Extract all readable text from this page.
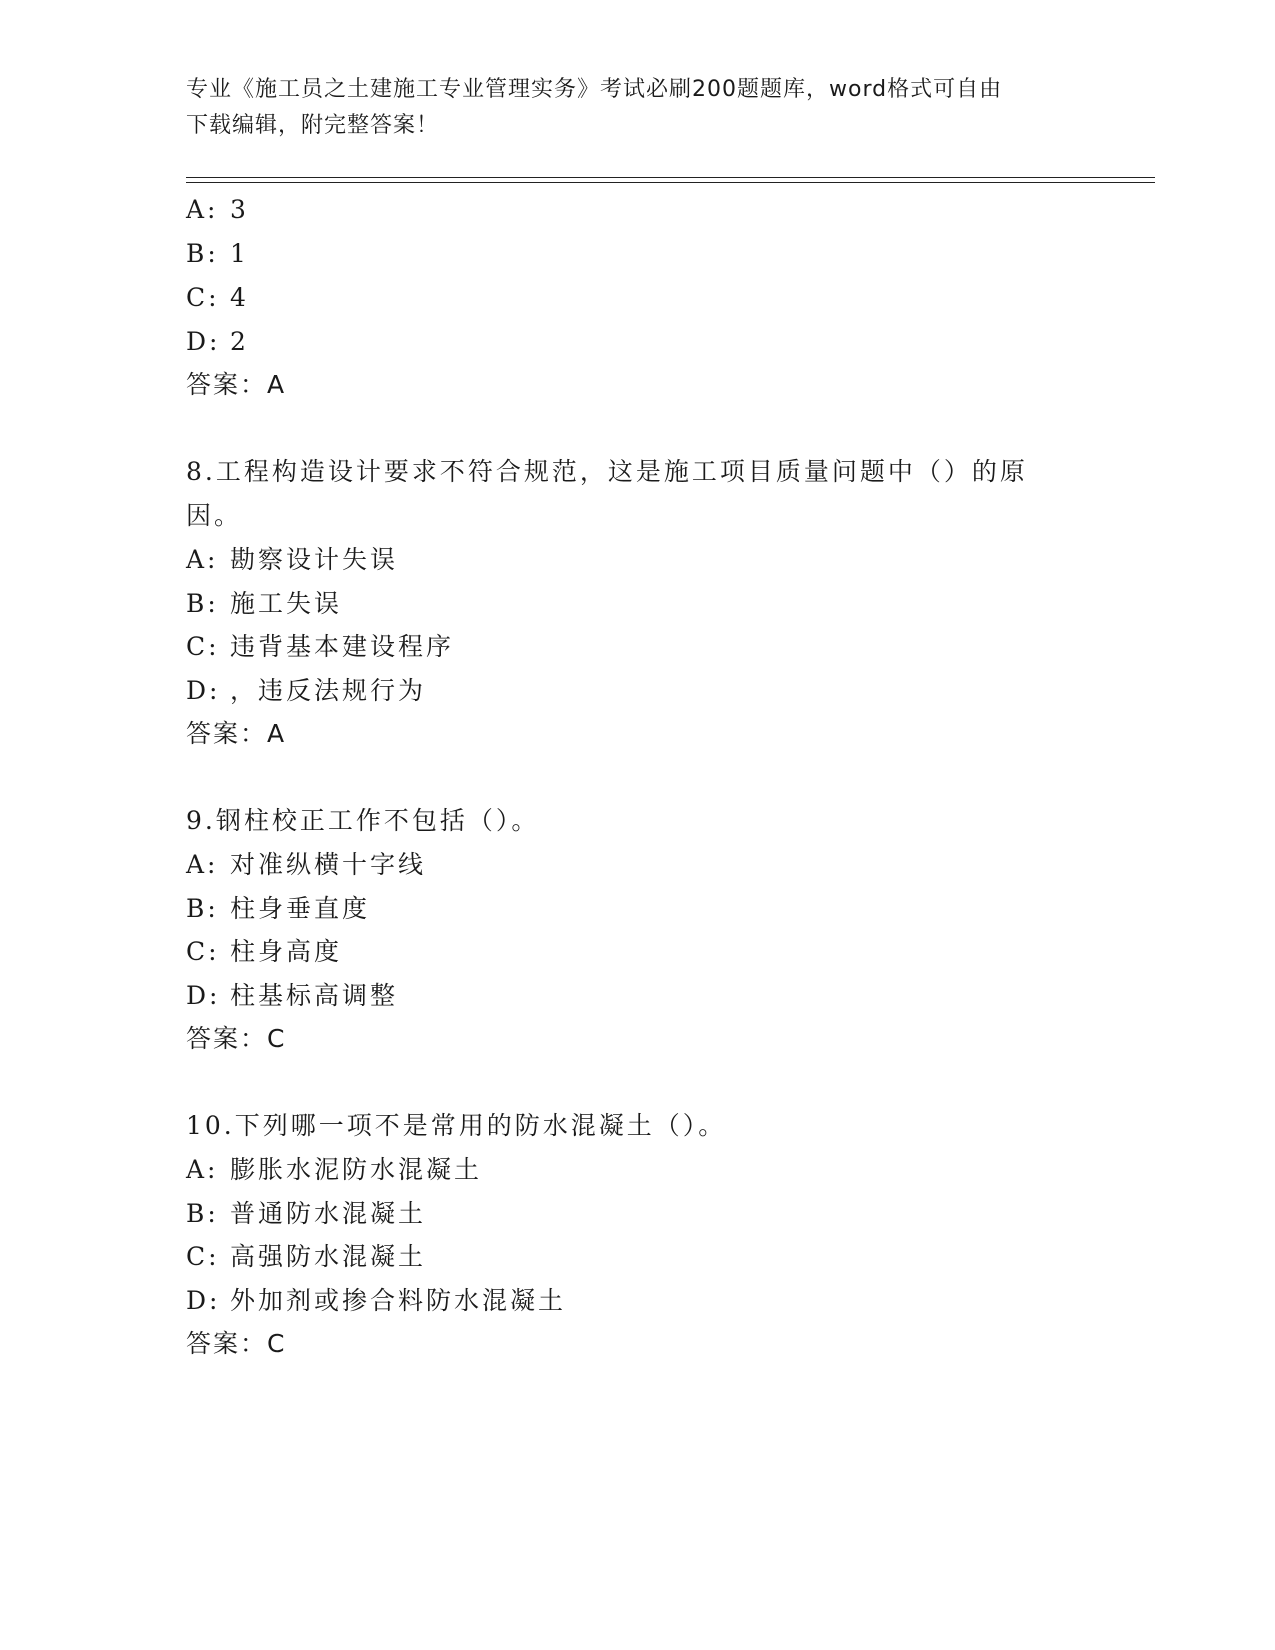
专业《施工员之土建施工专业管理实务》考试必刷200题题库，word格式可自由
下载编辑，附完整答案！
A: 3
B: 1
C: 4
D: 2
答案：A
8.工程构造设计要求不符合规范，这是施工项目质量问题中（）的原
因。
A: 勘察设计失误
B: 施工失误
C: 违背基本建设程序
D: ，违反法规行为
答案：A
9.钢柱校正工作不包括（）。
A: 对准纵横十字线
B: 柱身垂直度
C: 柱身高度
D: 柱基标高调整
答案：C
10.下列哪一项不是常用的防水混凝土（）。
A: 膨胀水泥防水混凝土
B: 普通防水混凝土
C: 高强防水混凝土
D: 外加剂或掺合料防水混凝土
答案：C
